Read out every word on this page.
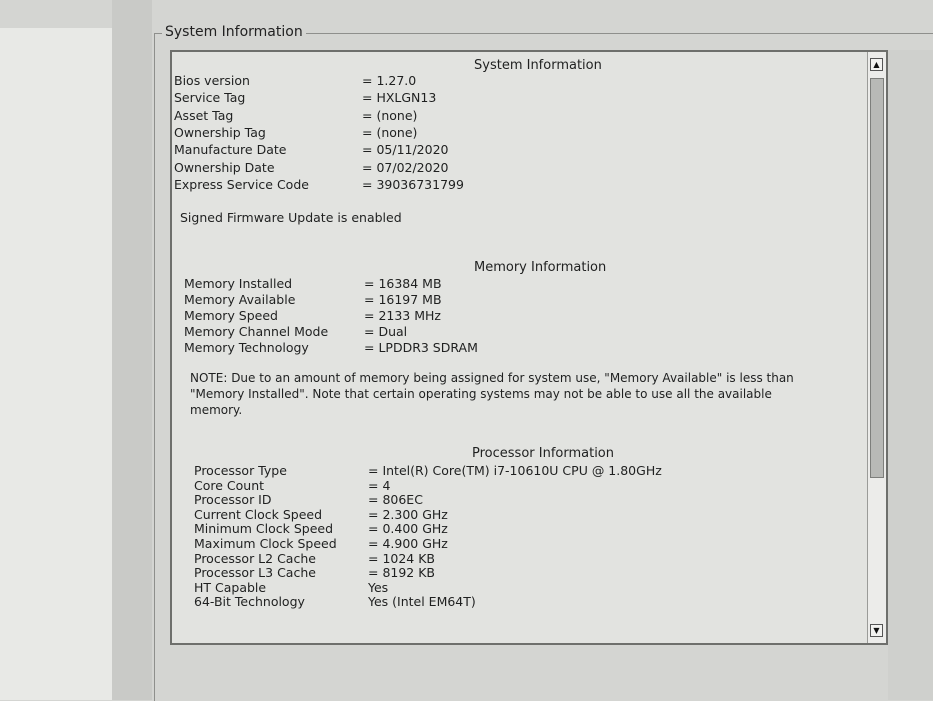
System Information
System Information
Bios version	= 1.27.0
Service Tag	= HXLGN13
Asset Tag	= (none)
Ownership Tag	= (none)
Manufacture Date	= 05/11/2020
Ownership Date	= 07/02/2020
Express Service Code	= 39036731799
Signed Firmware Update is enabled
Memory Information
Memory Installed	= 16384 MB
Memory Available	= 16197 MB
Memory Speed	= 2133 MHz
Memory Channel Mode	= Dual
Memory Technology	= LPDDR3 SDRAM
NOTE: Due to an amount of memory being assigned for system use, "Memory Available" is less than "Memory Installed". Note that certain operating systems may not be able to use all the available memory.
Processor Information
Processor Type	= Intel(R) Core(TM) i7-10610U CPU @ 1.80GHz
Core Count	= 4
Processor ID	= 806EC
Current Clock Speed	= 2.300 GHz
Minimum Clock Speed	= 0.400 GHz
Maximum Clock Speed	= 4.900 GHz
Processor L2 Cache	= 1024 KB
Processor L3 Cache	= 8192 KB
HT Capable	Yes
64-Bit Technology	Yes (Intel EM64T)
▲
▼
